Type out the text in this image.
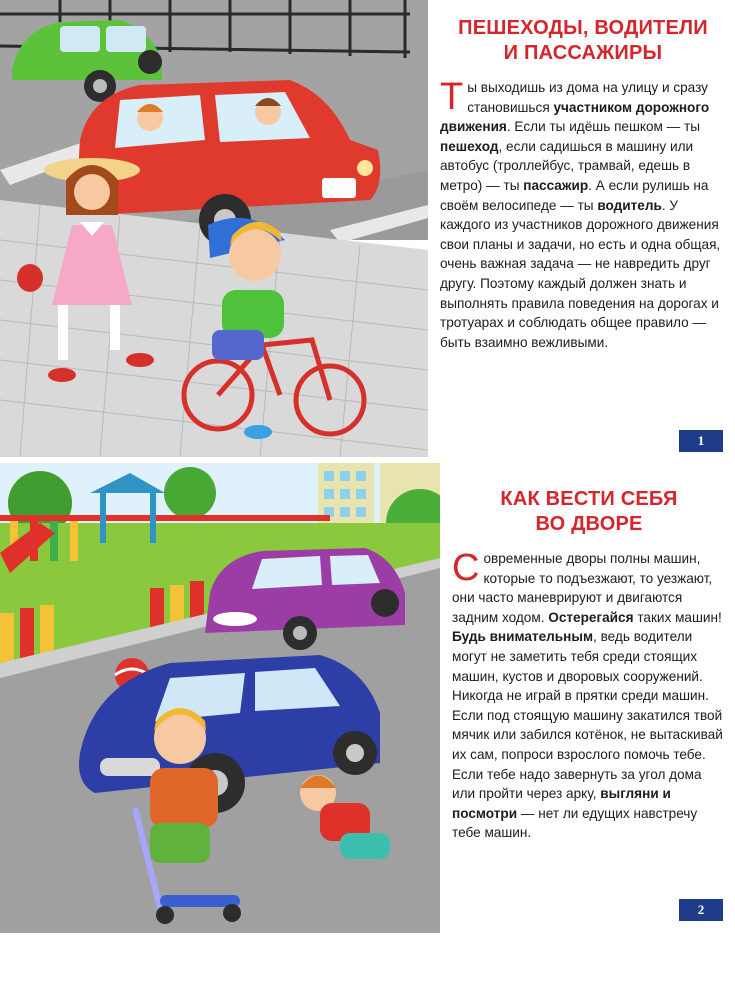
ПЕШЕХОДЫ, ВОДИТЕЛИ
И ПАССАЖИРЫ

Ты выходишь из дома на улицу и сразу становишься участником дорожного движения. Если ты идёшь пешком — ты пешеход, если садишься в машину или автобус (троллейбус, трамвай, едешь в метро) — ты пассажир. А если рулишь на своём велосипеде — ты водитель. У каждого из участников дорожного движения свои планы и задачи, но есть и одна общая, очень важная задача — не навредить друг другу. Поэтому каждый должен знать и выполнять правила поведения на дорогах и тротуарах и соблюдать общее правило — быть взаимно вежливыми.

1
КАК ВЕСТИ СЕБЯ
ВО ДВОРЕ

Современные дворы полны машин, которые то подъезжают, то уезжают, они часто маневрируют и двигаются задним ходом. Остерегайся таких машин! Будь внимательным, ведь водители могут не заметить тебя среди стоящих машин, кустов и дворовых сооружений. Никогда не играй в прятки среди машин. Если под стоящую машину закатился твой мячик или забился котёнок, не вытаскивай их сам, попроси взрослого помочь тебе. Если тебе надо завернуть за угол дома или пройти через арку, выгляни и посмотри — нет ли едущих навстречу тебе машин.

2
